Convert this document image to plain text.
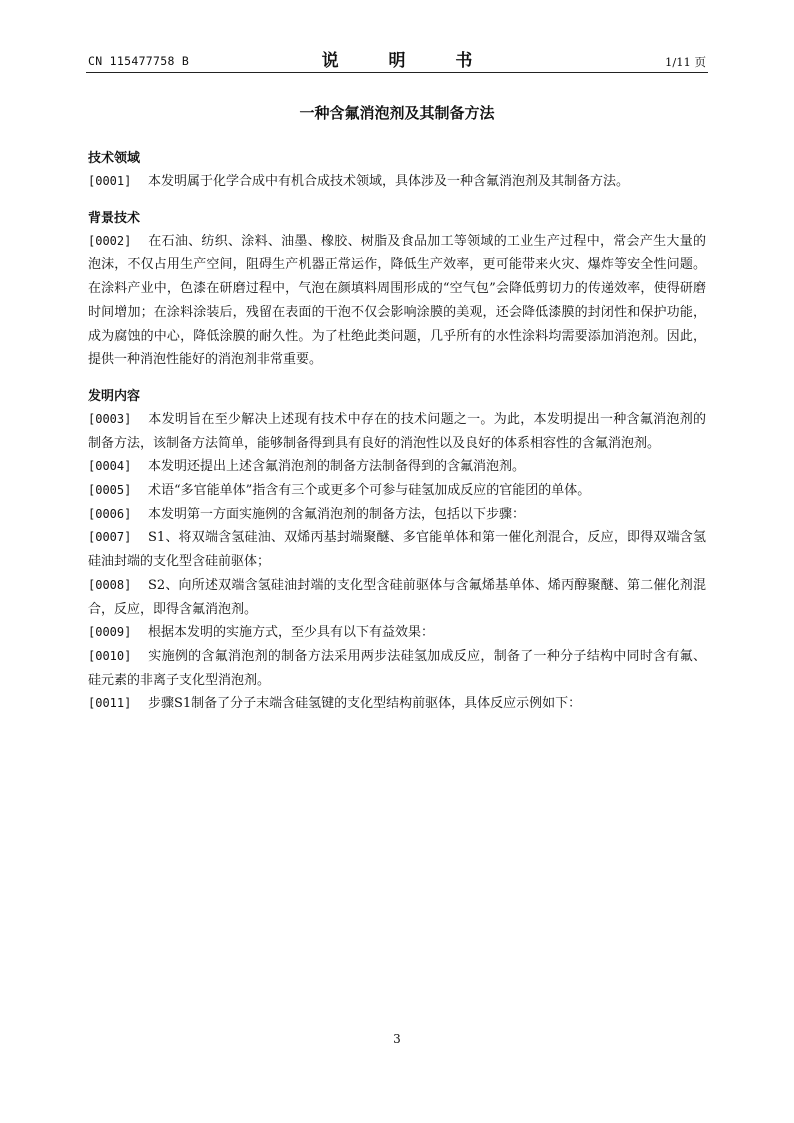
CN 115477758 B	说 明 书	1/11 页
一种含氟消泡剂及其制备方法
技术领域

[0001] 本发明属于化学合成中有机合成技术领域，具体涉及一种含氟消泡剂及其制备方法。

背景技术

[0002] 在石油、纺织、涂料、油墨、橡胶、树脂及食品加工等领域的工业生产过程中，常会产生大量的泡沫，不仅占用生产空间，阻碍生产机器正常运作，降低生产效率，更可能带来火灾、爆炸等安全性问题。在涂料产业中，色漆在研磨过程中，气泡在颜填料周围形成的“空气包”会降低剪切力的传递效率，使得研磨时间增加；在涂料涂装后，残留在表面的干泡不仅会影响涂膜的美观，还会降低漆膜的封闭性和保护功能，成为腐蚀的中心，降低涂膜的耐久性。为了杜绝此类问题，几乎所有的水性涂料均需要添加消泡剂。因此，提供一种消泡性能好的消泡剂非常重要。

发明内容

[0003] 本发明旨在至少解决上述现有技术中存在的技术问题之一。为此，本发明提出一种含氟消泡剂的制备方法，该制备方法简单，能够制备得到具有良好的消泡性以及良好的体系相容性的含氟消泡剂。

[0004] 本发明还提出上述含氟消泡剂的制备方法制备得到的含氟消泡剂。

[0005] 术语“多官能单体”指含有三个或更多个可参与硅氢加成反应的官能团的单体。

[0006] 本发明第一方面实施例的含氟消泡剂的制备方法，包括以下步骤：

[0007] S1、将双端含氢硅油、双烯丙基封端聚醚、多官能单体和第一催化剂混合，反应，即得双端含氢硅油封端的支化型含硅前驱体；

[0008] S2、向所述双端含氢硅油封端的支化型含硅前驱体与含氟烯基单体、烯丙醇聚醚、第二催化剂混合，反应，即得含氟消泡剂。

[0009] 根据本发明的实施方式，至少具有以下有益效果：

[0010] 实施例的含氟消泡剂的制备方法采用两步法硅氢加成反应，制备了一种分子结构中同时含有氟、硅元素的非离子支化型消泡剂。

[0011] 步骤S1制备了分子末端含硅氢键的支化型结构前驱体，具体反应示例如下：

3
